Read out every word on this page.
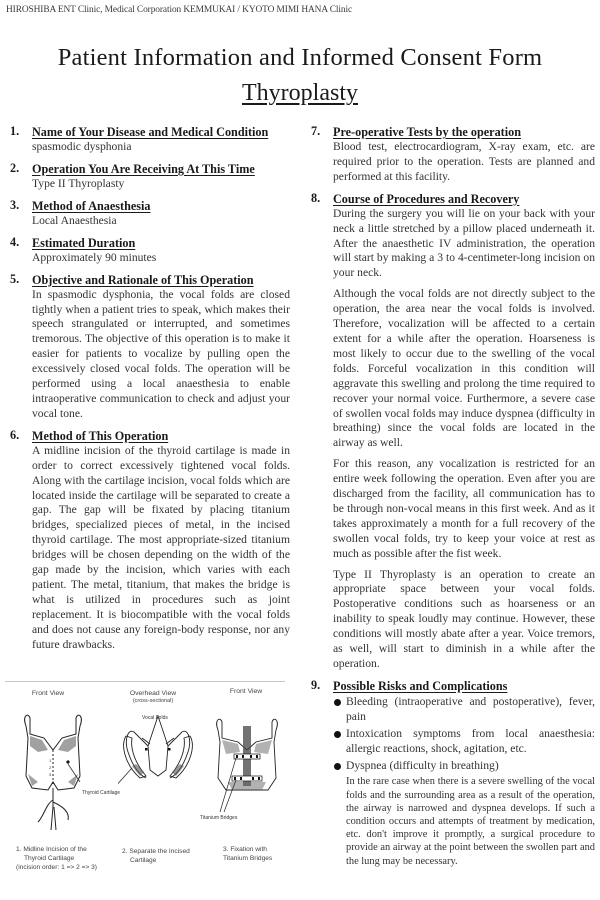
HIROSHIBA ENT Clinic, Medical Corporation KEMMUKAI / KYOTO MIMI HANA Clinic
Patient Information and Informed Consent Form
Thyroplasty
1. Name of Your Disease and Medical Condition
spasmodic dysphonia
2. Operation You Are Receiving At This Time
Type II Thyroplasty
3. Method of Anaesthesia
Local Anaesthesia
4. Estimated Duration
Approximately 90 minutes
5. Objective and Rationale of This Operation
In spasmodic dysphonia, the vocal folds are closed tightly when a patient tries to speak, which makes their speech strangulated or interrupted, and sometimes tremorous. The objective of this operation is to make it easier for patients to vocalize by pulling open the excessively closed vocal folds. The operation will be performed using a local anaesthesia to enable intraoperative communication to check and adjust your vocal tone.
6. Method of This Operation
A midline incision of the thyroid cartilage is made in order to correct excessively tightened vocal folds. Along with the cartilage incision, vocal folds which are located inside the cartilage will be separated to create a gap. The gap will be fixated by placing titanium bridges, specialized pieces of metal, in the incised thyroid cartilage. The most appropriate-sized titanium bridges will be chosen depending on the width of the gap made by the incision, which varies with each patient. The metal, titanium, that makes the bridge is what is utilized in procedures such as joint replacement. It is biocompatible with the vocal folds and does not cause any foreign-body response, nor any future drawbacks.
Front View	Overhead View
(cross-sectional)
Front View
1
2
3
Vocal Folds
Thyroid Cartilage
Titanium Bridges
1. Midline Incision of the
Thyroid Cartilage
(incision order: 1 => 2 => 3)
2. Separate the Incised
Cartilage
3. Fixation with
Titanium Bridges
7. Pre-operative Tests by the operation
Blood test, electrocardiogram, X-ray exam, etc. are required prior to the operation. Tests are planned and performed at this facility.
8. Course of Procedures and Recovery

During the surgery you will lie on your back with your neck a little stretched by a pillow placed underneath it. After the anaesthetic IV administration, the operation will start by making a 3 to 4-centimeter-long incision on your neck.

Although the vocal folds are not directly subject to the operation, the area near the vocal folds is involved. Therefore, vocalization will be affected to a certain extent for a while after the operation. Hoarseness is most likely to occur due to the swelling of the vocal folds. Forceful vocalization in this condition will aggravate this swelling and prolong the time required to recover your normal voice. Furthermore, a severe case of swollen vocal folds may induce dyspnea (difficulty in breathing) since the vocal folds are located in the airway as well.

For this reason, any vocalization is restricted for an entire week following the operation. Even after you are discharged from the facility, all communication has to be through non-vocal means in this first week. And as it takes approximately a month for a full recovery of the swollen vocal folds, try to keep your voice at rest as much as possible after the fist week.

Type II Thyroplasty is an operation to create an appropriate space between your vocal folds. Postoperative conditions such as hoarseness or an inability to speak loudly may continue. However, these conditions will mostly abate after a year. Voice tremors, as well, will start to diminish in a while after the operation.

9. Possible Risks and Complications
Bleeding (intraoperative and postoperative), fever, pain
Intoxication symptoms from local anaesthesia: allergic reactions, shock, agitation, etc.
Dyspnea (difficulty in breathing)
In the rare case when there is a severe swelling of the vocal folds and the surrounding area as a result of the operation, the airway is narrowed and dyspnea develops. If such a condition occurs and attempts of treatment by medication, etc. don't improve it promptly, a surgical procedure to provide an airway at the point between the swollen part and the lung may be necessary.
